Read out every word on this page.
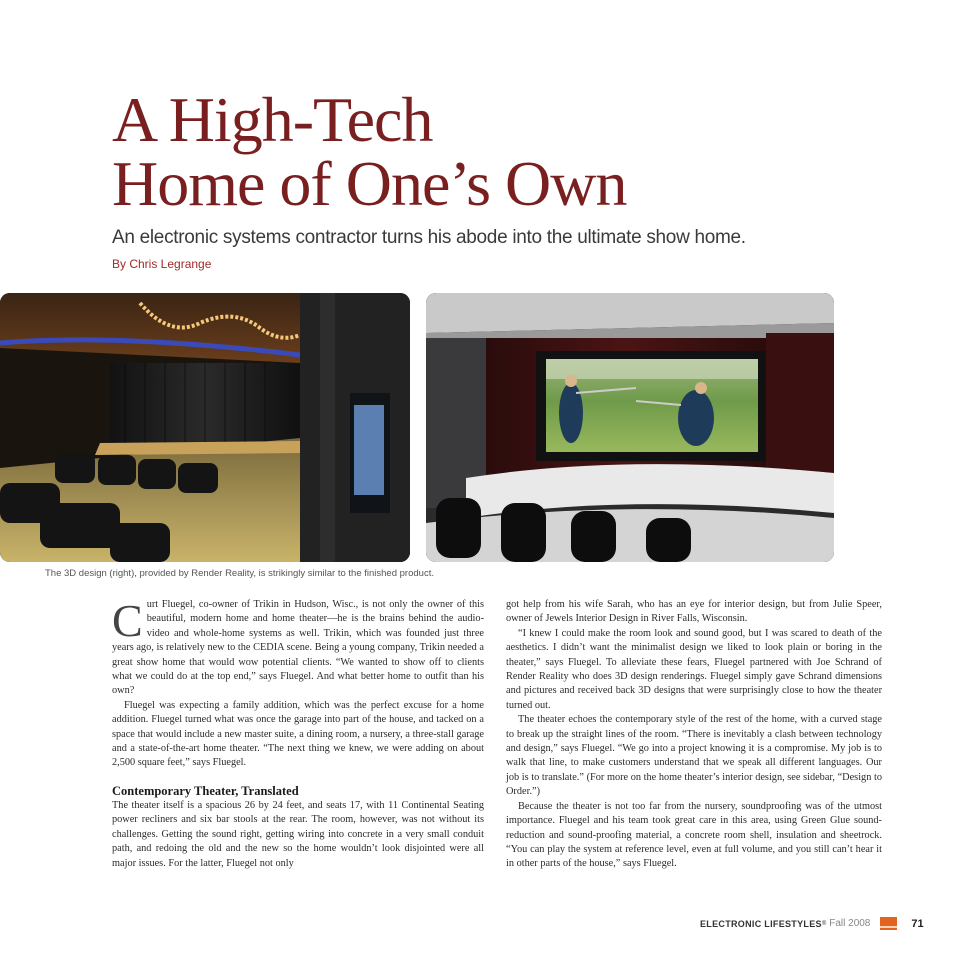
A High-Tech
Home of One’s Own
An electronic systems contractor turns his abode into the ultimate show home.
By Chris Legrange
The 3D design (right), provided by Render Reality, is strikingly similar to the finished product.

Curt Fluegel, co-owner of Trikin in Hudson, Wisc., is not only the owner of this beautiful, modern home and home theater—he is the brains behind the audio-video and whole-home systems as well. Trikin, which was founded just three years ago, is relatively new to the CEDIA scene. Being a young company, Trikin needed a great show home that would wow potential clients. “We wanted to show off to clients what we could do at the top end,” says Fluegel. And what better home to outfit than his own?

Fluegel was expecting a family addition, which was the perfect excuse for a home addition. Fluegel turned what was once the garage into part of the house, and tacked on a space that would include a new master suite, a dining room, a nursery, a three-stall garage and a state-of-the-art home theater. “The next thing we knew, we were adding on about 2,500 square feet,” says Fluegel.

Contemporary Theater, Translated

The theater itself is a spacious 26 by 24 feet, and seats 17, with 11 Continental Seating power recliners and six bar stools at the rear. The room, however, was not without its challenges. Getting the sound right, getting wiring into concrete in a very small conduit path, and redoing the old and the new so the home wouldn’t look disjointed were all major issues. For the latter, Fluegel not only

got help from his wife Sarah, who has an eye for interior design, but from Julie Speer, owner of Jewels Interior Design in River Falls, Wisconsin.

“I knew I could make the room look and sound good, but I was scared to death of the aesthetics. I didn’t want the minimalist design we liked to look plain or boring in the theater,” says Fluegel. To alleviate these fears, Fluegel partnered with Joe Schrand of Render Reality who does 3D design renderings. Fluegel simply gave Schrand dimensions and pictures and received back 3D designs that were surprisingly close to how the theater turned out.

The theater echoes the contemporary style of the rest of the home, with a curved stage to break up the straight lines of the room. “There is inevitably a clash between technology and design,” says Fluegel. “We go into a project knowing it is a compromise. My job is to walk that line, to make customers understand that we speak all different languages. Our job is to translate.” (For more on the home theater’s interior design, see sidebar, “Design to Order.”)

Because the theater is not too far from the nursery, soundproofing was of the utmost importance. Fluegel and his team took great care in this area, using Green Glue sound-reduction and sound-proofing material, a concrete room shell, insulation and sheetrock. “You can play the system at reference level, even at full volume, and you still can’t hear it in other parts of the house,” says Fluegel.

ELECTRONIC LIFESTYLES ® Fall 2008	71
